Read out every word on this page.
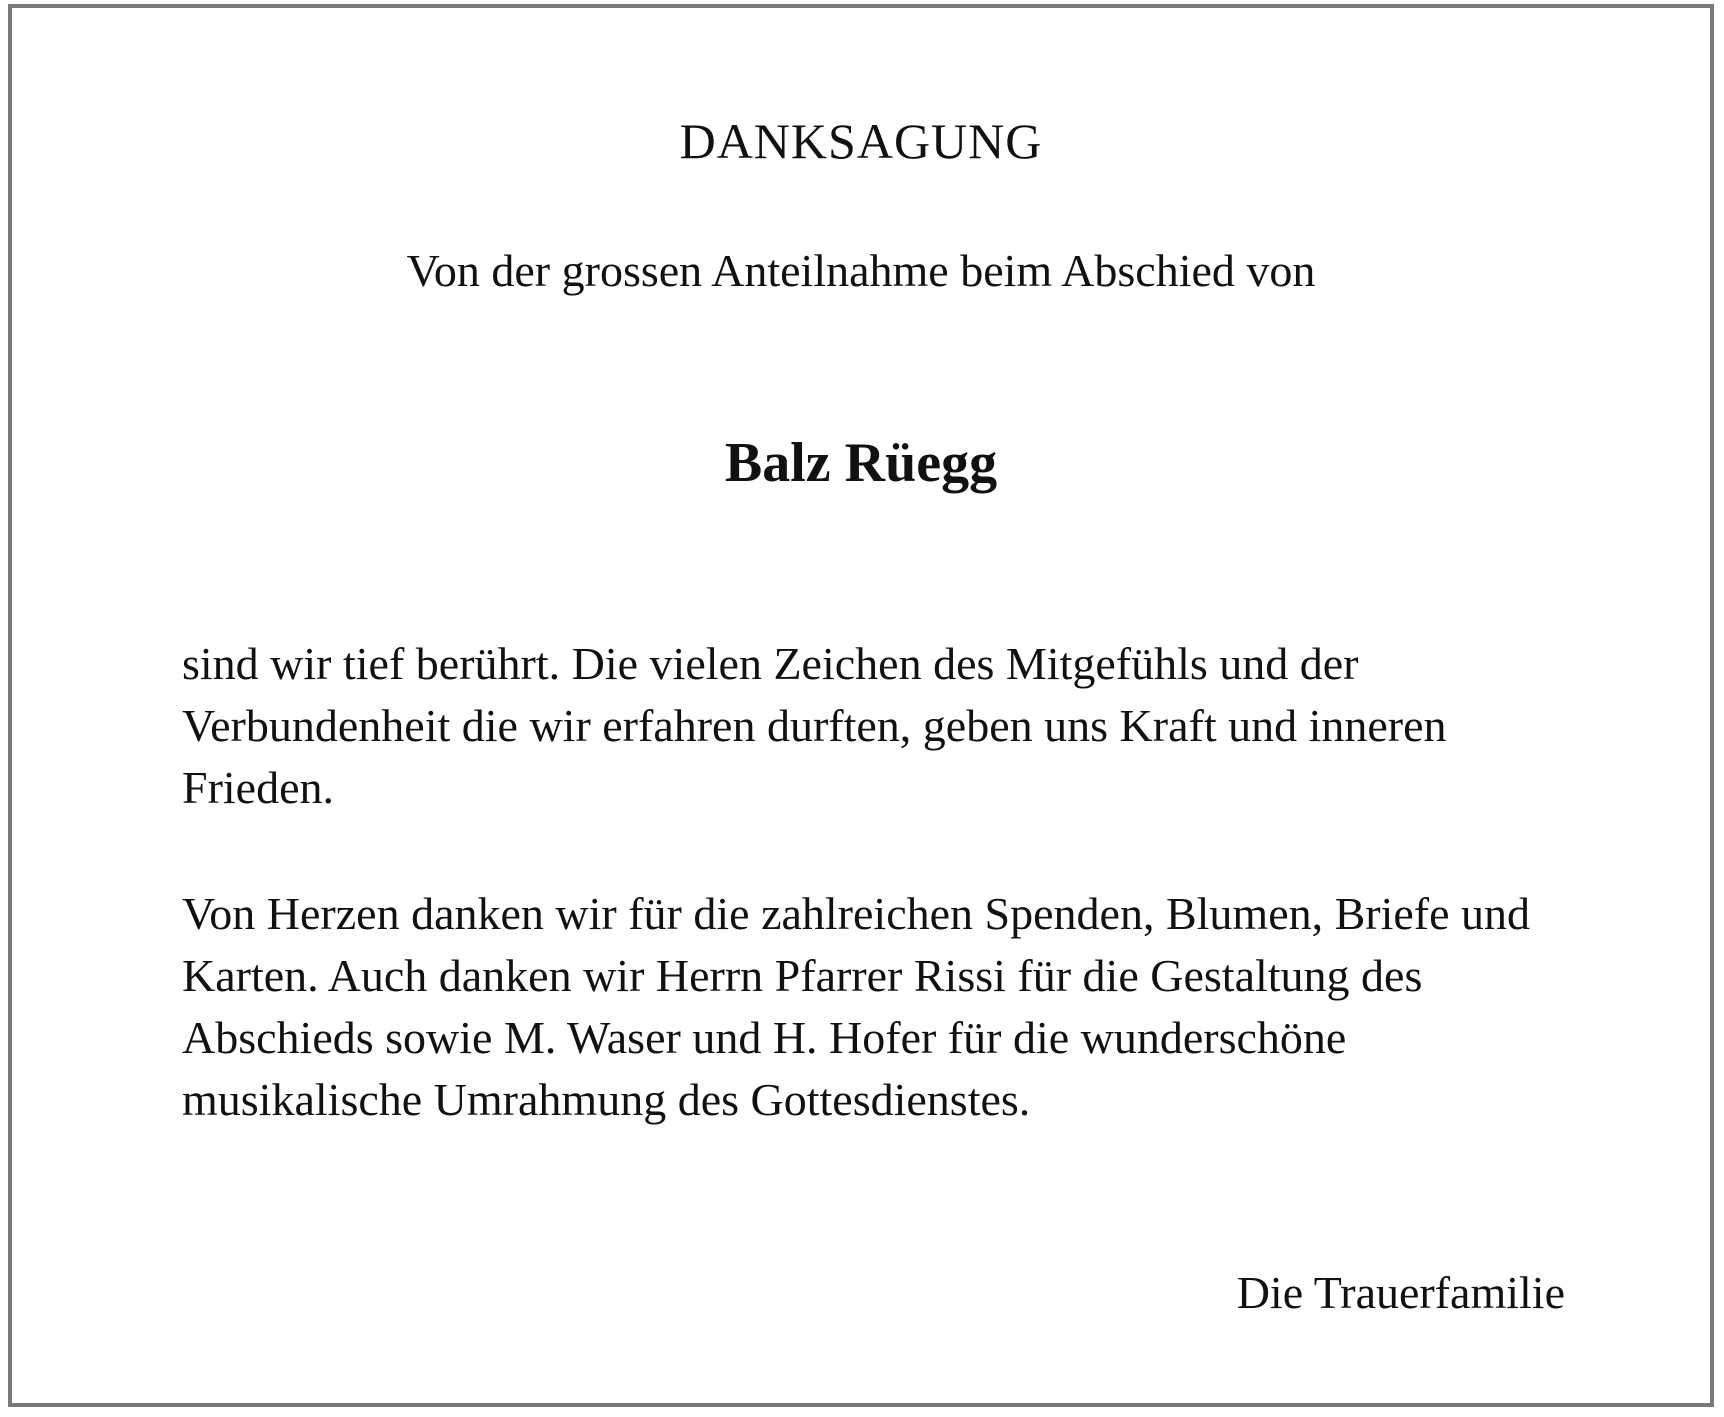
DANKSAGUNG
Von der grossen Anteilnahme beim Abschied von
Balz Rüegg

sind wir tief berührt. Die vielen Zeichen des Mitgefühls und der Verbundenheit die wir erfahren durften, geben uns Kraft und inneren Frieden.

Von Herzen danken wir für die zahlreichen Spenden, Blumen, Briefe und Karten. Auch danken wir Herrn Pfarrer Rissi für die Gestaltung des Abschieds sowie M. Waser und H. Hofer für die wunderschöne musikalische Umrahmung des Gottesdienstes.

Die Trauerfamilie
